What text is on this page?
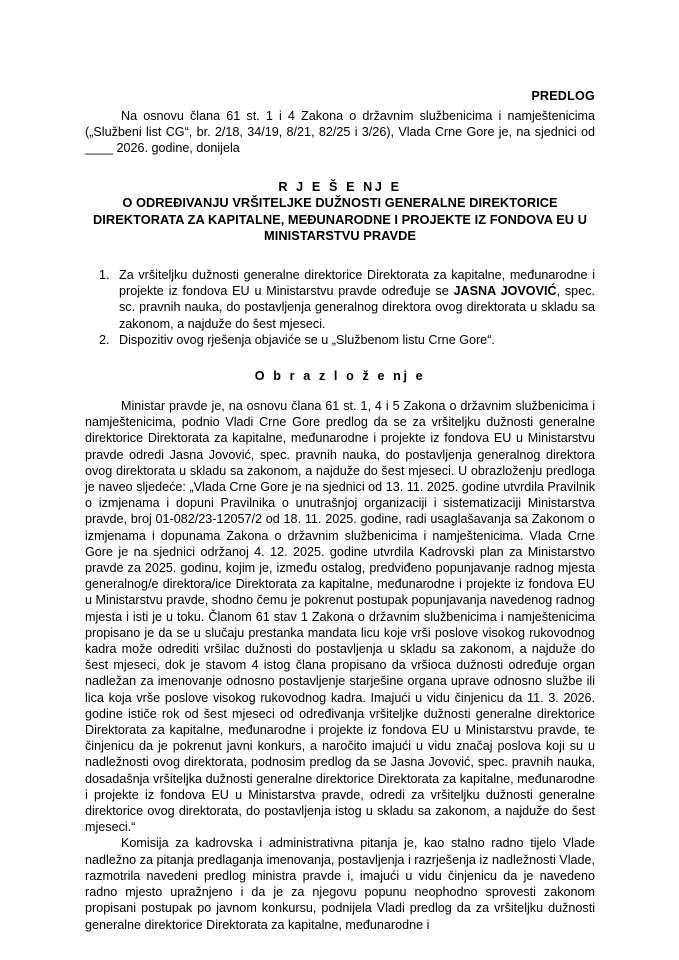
PREDLOG

Na osnovu člana 61 st. 1 i 4 Zakona o državnim službenicima i namještenicima („Službeni list CG“, br. 2/18, 34/19, 8/21, 82/25 i 3/26), Vlada Crne Gore je, na sjednici od ____ 2026. godine, donijela

R J E Š E NJ E

O ODREĐIVANJU VRŠITELJKE DUŽNOSTI GENERALNE DIREKTORICE DIREKTORATA ZA KAPITALNE, MEĐUNARODNE I PROJEKTE IZ FONDOVA EU U MINISTARSTVU PRAVDE

1. Za vršiteljku dužnosti generalne direktorice Direktorata za kapitalne, međunarodne i projekte iz fondova EU u Ministarstvu pravde određuje se JASNA JOVOVIĆ, spec. sc. pravnih nauka, do postavljenja generalnog direktora ovog direktorata u skladu sa zakonom, a najduže do šest mjeseci.
2. Dispozitiv ovog rješenja objaviće se u „Službenom listu Crne Gore“.

O b r a z l o ž e nj e

Ministar pravde je, na osnovu člana 61 st. 1, 4 i 5 Zakona o državnim službenicima i namještenicima, podnio Vladi Crne Gore predlog da se za vršiteljku dužnosti generalne direktorice Direktorata za kapitalne, međunarodne i projekte iz fondova EU u Ministarstvu pravde odredi Jasna Jovović, spec. pravnih nauka, do postavljenja generalnog direktora ovog direktorata u skladu sa zakonom, a najduže do šest mjeseci. U obrazloženju predloga je naveo sljedeće: „Vlada Crne Gore je na sjednici od 13. 11. 2025. godine utvrdila Pravilnik o izmjenama i dopuni Pravilnika o unutrašnjoj organizaciji i sistematizaciji Ministarstva pravde, broj 01-082/23-12057/2 od 18. 11. 2025. godine, radi usaglašavanja sa Zakonom o izmjenama i dopunama Zakona o državnim službenicima i namještenicima. Vlada Crne Gore je na sjednici održanoj 4. 12. 2025. godine utvrdila Kadrovski plan za Ministarstvo pravde za 2025. godinu, kojim je, između ostalog, predviđeno popunjavanje radnog mjesta generalnog/e direktora/ice Direktorata za kapitalne, međunarodne i projekte iz fondova EU u Ministarstvu pravde, shodno čemu je pokrenut postupak popunjavanja navedenog radnog mjesta i isti je u toku. Članom 61 stav 1 Zakona o državnim službenicima i namještenicima propisano je da se u slučaju prestanka mandata licu koje vrši poslove visokog rukovodnog kadra može odrediti vršilac dužnosti do postavljenja u skladu sa zakonom, a najduže do šest mjeseci, dok je stavom 4 istog člana propisano da vršioca dužnosti određuje organ nadležan za imenovanje odnosno postavljenje starješine organa uprave odnosno službe ili lica koja vrše poslove visokog rukovodnog kadra. Imajući u vidu činjenicu da 11. 3. 2026. godine ističe rok od šest mjeseci od određivanja vršiteljke dužnosti generalne direktorice Direktorata za kapitalne, međunarodne i projekte iz fondova EU u Ministarstvu pravde, te činjenicu da je pokrenut javni konkurs, a naročito imajući u vidu značaj poslova koji su u nadležnosti ovog direktorata, podnosim predlog da se Jasna Jovović, spec. pravnih nauka, dosadašnja vršiteljka dužnosti generalne direktorice Direktorata za kapitalne, međunarodne i projekte iz fondova EU u Ministarstva pravde, odredi za vršiteljku dužnosti generalne direktorice ovog direktorata, do postavljenja istog u skladu sa zakonom, a najduže do šest mjeseci.“

Komisija za kadrovska i administrativna pitanja je, kao stalno radno tijelo Vlade nadležno za pitanja predlaganja imenovanja, postavljenja i razrješenja iz nadležnosti Vlade, razmotrila navedeni predlog ministra pravde i, imajući u vidu činjenicu da je navedeno radno mjesto upražnjeno i da je za njegovu popunu neophodno sprovesti zakonom propisani postupak po javnom konkursu, podnijela Vladi predlog da za vršiteljku dužnosti generalne direktorice Direktorata za kapitalne, međunarodne i
